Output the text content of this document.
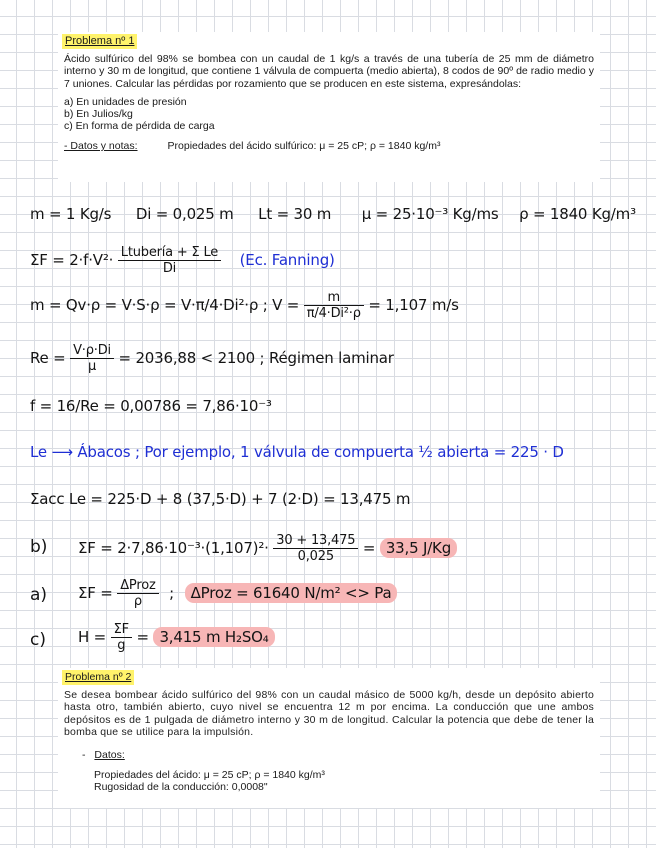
Problema nº 1
Ácido sulfúrico del 98% se bombea con un caudal de 1 kg/s a través de una tubería de 25 mm de diámetro interno y 30 m de longitud, que contiene 1 válvula de compuerta (medio abierta), 8 codos de 90º de radio medio y 7 uniones. Calcular las pérdidas por rozamiento que se producen en este sistema, expresándolas:
a) En unidades de presión
b) En Julios/kg
c) En forma de pérdida de carga
- Datos y notas:	Propiedades del ácido sulfúrico: μ = 25 cP; ρ = 1840 kg/m³
m = 1 Kg/s Di = 0,025 m Lt = 30 m μ = 25·10⁻³ Kg/ms ρ = 1840 Kg/m³
$\Sigma F = 2\cdot f\cdot V^2\cdot \frac{\text{Ltubería + Σ Le}}{Di} (Ec$. Fanning)
m = Qv·ρ = V·S·ρ = V·π/4·Di²·ρ ; $V = \frac{m}{\text{π/4·Di²·ρ}} = 1,107$ m/s
$Re = \frac{V\cdot\rho\cdot Di}{\mu} = 2036,88 < 2100$ ; Régimen laminar
f = 16/Re = 0,00786 = 7,86·10⁻³
Le ⟶ Ábacos ; Por ejemplo, 1 válvula de compuerta ½ abierta = 225 · D
Σacc Le = 225·D + 8 (37,5·D) + 7 (2·D) = 13,475 m
b) $\Sigma F = 2\cdot 7,86\cdot 10^{-3}\cdot(1,107)^2\cdot \frac{30 + 13,475}{0,025} = 33,5$ J/Kg
a) $\Sigma F = \frac{\text{ΔProz}}{\rho}$ ; ΔProz = 61640 N/m² <> Pa
c) $H = \frac{\Sigma F}{g} = 3,415$ m H₂SO₄
Problema nº 2
Se desea bombear ácido sulfúrico del 98% con un caudal másico de 5000 kg/h, desde un depósito abierto hasta otro, también abierto, cuyo nivel se encuentra 12 m por encima. La conducción que une ambos depósitos es de 1 pulgada de diámetro interno y 30 m de longitud. Calcular la potencia que debe de tener la bomba que se utilice para la impulsión.
- Datos:
Propiedades del ácido: μ = 25 cP; ρ = 1840 kg/m³
Rugosidad de la conducción: 0,0008"
